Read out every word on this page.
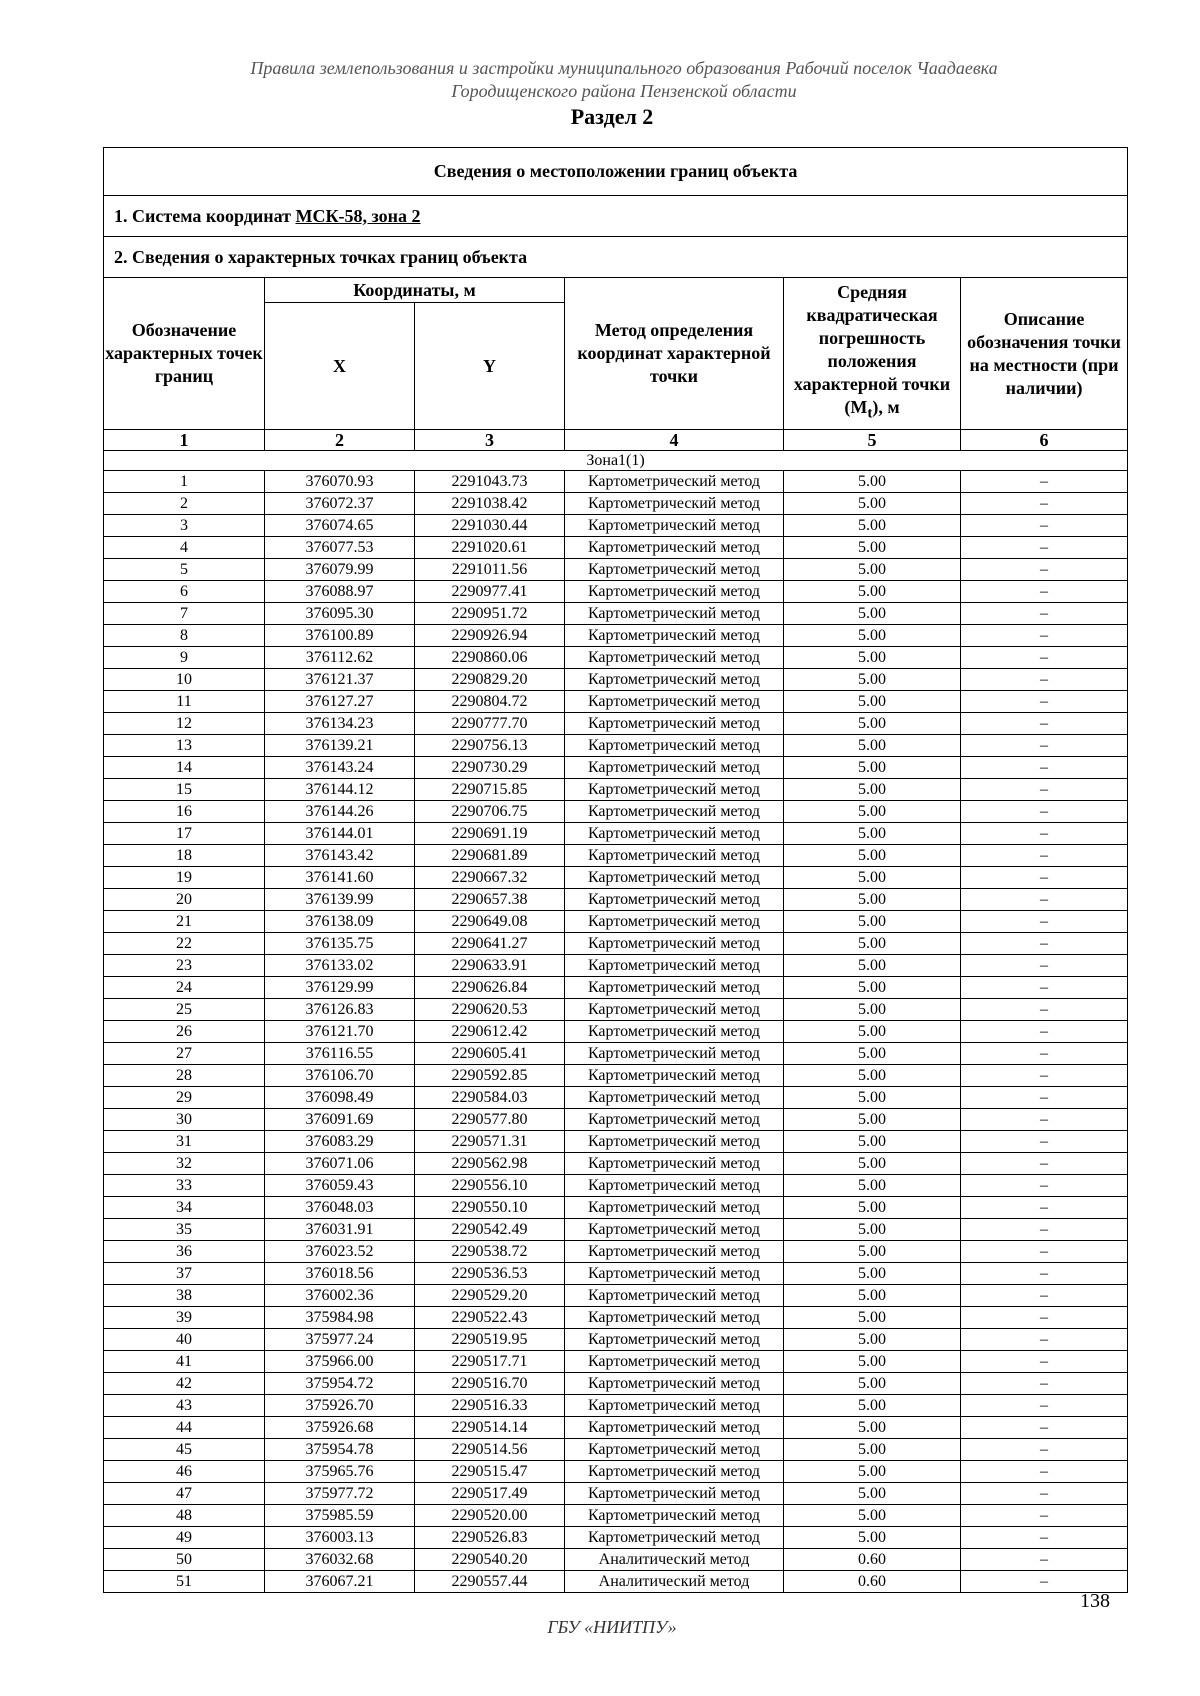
Правила землепользования и застройки муниципального образования Рабочий поселок Чаадаевка
Городищенского района Пензенской области
Раздел 2
Сведения о местоположении границ объекта					
1. Система координат МСК-58, зона 2					
2. Сведения о характерных точках границ объекта					
Обозначение характерных точек границ	Координаты, м		Метод определения координат характерной точки	Средняя квадратическая погрешность положения характерной точки $(M_t)$, м	Описание обозначения точки на местности (при наличии)
	X	Y			
1	2	3	4	5	6
Зона1(1)					
1	376070.93	2291043.73	Картометрический метод	5.00	–
2	376072.37	2291038.42	Картометрический метод	5.00	–
3	376074.65	2291030.44	Картометрический метод	5.00	–
4	376077.53	2291020.61	Картометрический метод	5.00	–
5	376079.99	2291011.56	Картометрический метод	5.00	–
6	376088.97	2290977.41	Картометрический метод	5.00	–
7	376095.30	2290951.72	Картометрический метод	5.00	–
8	376100.89	2290926.94	Картометрический метод	5.00	–
9	376112.62	2290860.06	Картометрический метод	5.00	–
10	376121.37	2290829.20	Картометрический метод	5.00	–
11	376127.27	2290804.72	Картометрический метод	5.00	–
12	376134.23	2290777.70	Картометрический метод	5.00	–
13	376139.21	2290756.13	Картометрический метод	5.00	–
14	376143.24	2290730.29	Картометрический метод	5.00	–
15	376144.12	2290715.85	Картометрический метод	5.00	–
16	376144.26	2290706.75	Картометрический метод	5.00	–
17	376144.01	2290691.19	Картометрический метод	5.00	–
18	376143.42	2290681.89	Картометрический метод	5.00	–
19	376141.60	2290667.32	Картометрический метод	5.00	–
20	376139.99	2290657.38	Картометрический метод	5.00	–
21	376138.09	2290649.08	Картометрический метод	5.00	–
22	376135.75	2290641.27	Картометрический метод	5.00	–
23	376133.02	2290633.91	Картометрический метод	5.00	–
24	376129.99	2290626.84	Картометрический метод	5.00	–
25	376126.83	2290620.53	Картометрический метод	5.00	–
26	376121.70	2290612.42	Картометрический метод	5.00	–
27	376116.55	2290605.41	Картометрический метод	5.00	–
28	376106.70	2290592.85	Картометрический метод	5.00	–
29	376098.49	2290584.03	Картометрический метод	5.00	–
30	376091.69	2290577.80	Картометрический метод	5.00	–
31	376083.29	2290571.31	Картометрический метод	5.00	–
32	376071.06	2290562.98	Картометрический метод	5.00	–
33	376059.43	2290556.10	Картометрический метод	5.00	–
34	376048.03	2290550.10	Картометрический метод	5.00	–
35	376031.91	2290542.49	Картометрический метод	5.00	–
36	376023.52	2290538.72	Картометрический метод	5.00	–
37	376018.56	2290536.53	Картометрический метод	5.00	–
38	376002.36	2290529.20	Картометрический метод	5.00	–
39	375984.98	2290522.43	Картометрический метод	5.00	–
40	375977.24	2290519.95	Картометрический метод	5.00	–
41	375966.00	2290517.71	Картометрический метод	5.00	–
42	375954.72	2290516.70	Картометрический метод	5.00	–
43	375926.70	2290516.33	Картометрический метод	5.00	–
44	375926.68	2290514.14	Картометрический метод	5.00	–
45	375954.78	2290514.56	Картометрический метод	5.00	–
46	375965.76	2290515.47	Картометрический метод	5.00	–
47	375977.72	2290517.49	Картометрический метод	5.00	–
48	375985.59	2290520.00	Картометрический метод	5.00	–
49	376003.13	2290526.83	Картометрический метод	5.00	–
50	376032.68	2290540.20	Аналитический метод	0.60	–
51	376067.21	2290557.44	Аналитический метод	0.60	–
138
ГБУ «НИИТПУ»
